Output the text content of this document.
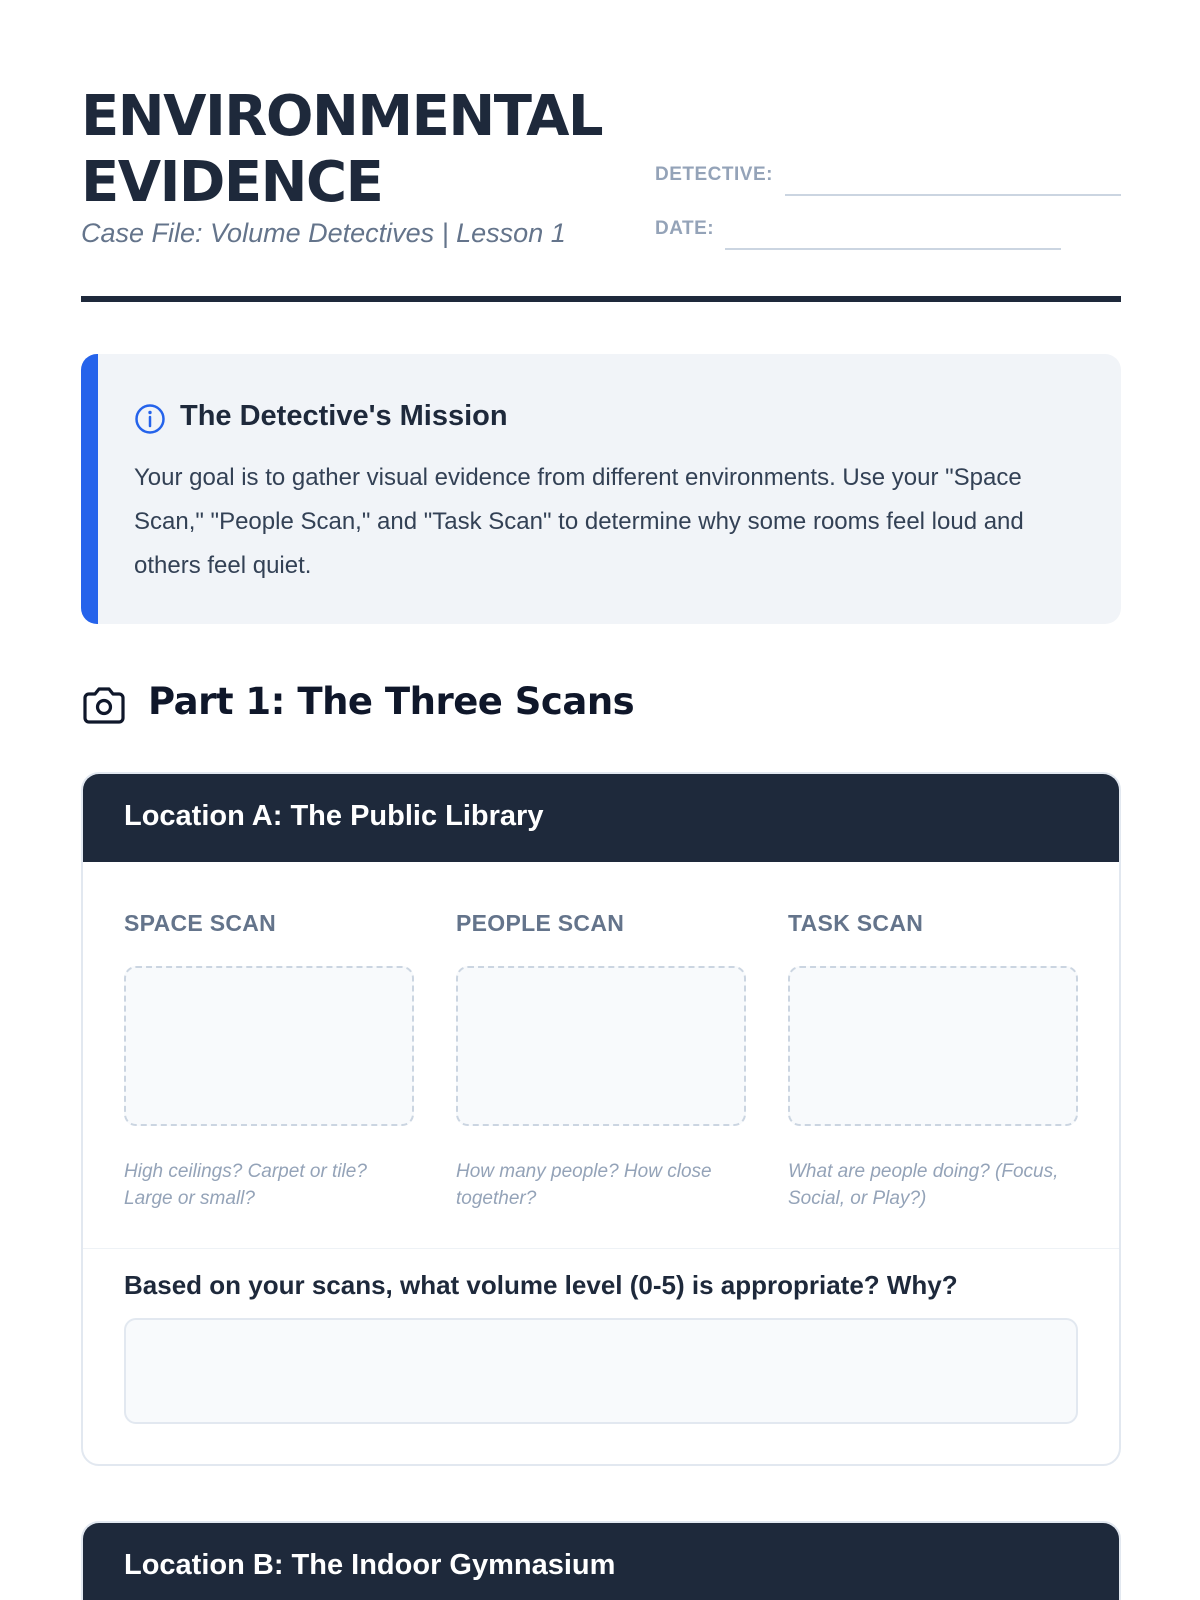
ENVIRONMENTAL
EVIDENCE
Case File: Volume Detectives | Lesson 1
DETECTIVE:
DATE:
The Detective's Mission
Your goal is to gather visual evidence from different environments. Use your "Space Scan," "People Scan," and "Task Scan" to determine why some rooms feel loud and others feel quiet.
Part 1: The Three Scans
Location A: The Public Library
SPACE SCAN
High ceilings? Carpet or tile? Large or small?
PEOPLE SCAN
How many people? How close together?
TASK SCAN
What are people doing? (Focus, Social, or Play?)
Based on your scans, what volume level (0-5) is appropriate? Why?
Location B: The Indoor Gymnasium
